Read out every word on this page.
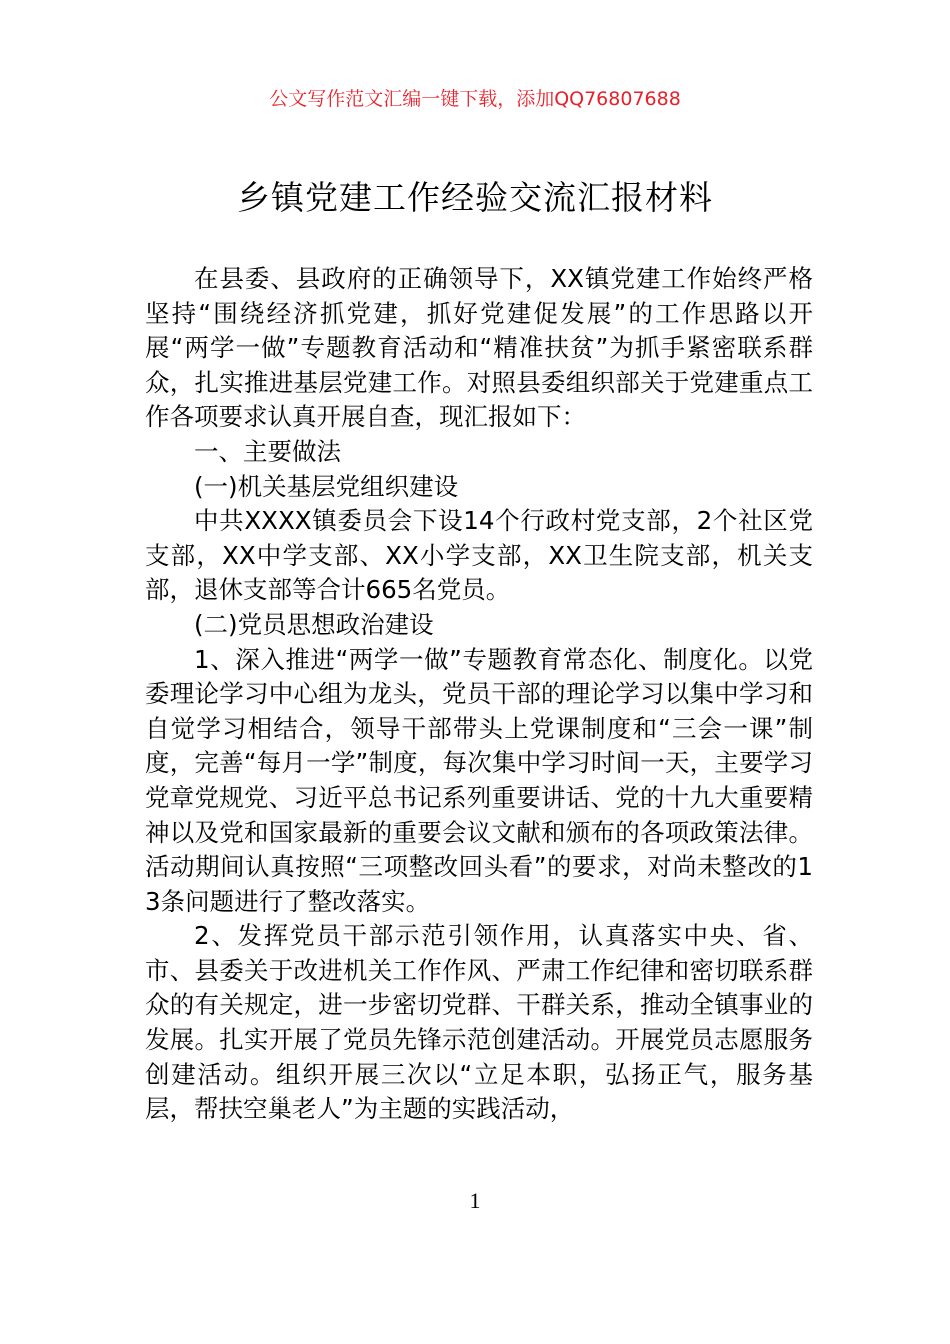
公文写作范文汇编一键下载，添加QQ76807688
乡镇党建工作经验交流汇报材料

在县委、县政府的正确领导下，XX镇党建工作始终严格坚持“围绕经济抓党建，抓好党建促发展”的工作思路以开展“两学一做”专题教育活动和“精准扶贫”为抓手紧密联系群众，扎实推进基层党建工作。对照县委组织部关于党建重点工作各项要求认真开展自查，现汇报如下：

一、主要做法

(一)机关基层党组织建设

中共XXXX镇委员会下设14个行政村党支部，2个社区党支部，XX中学支部、XX小学支部，XX卫生院支部，机关支部，退休支部等合计665名党员。

(二)党员思想政治建设

1、深入推进“两学一做”专题教育常态化、制度化。以党委理论学习中心组为龙头，党员干部的理论学习以集中学习和自觉学习相结合，领导干部带头上党课制度和“三会一课”制度，完善“每月一学”制度，每次集中学习时间一天，主要学习党章党规党、习近平总书记系列重要讲话、党的十九大重要精神以及党和国家最新的重要会议文献和颁布的各项政策法律。活动期间认真按照“三项整改回头看”的要求，对尚未整改的13条问题进行了整改落实。

2、发挥党员干部示范引领作用，认真落实中央、省、市、县委关于改进机关工作作风、严肃工作纪律和密切联系群众的有关规定，进一步密切党群、干群关系，推动全镇事业的发展。扎实开展了党员先锋示范创建活动。开展党员志愿服务创建活动。组织开展三次以“立足本职，弘扬正气，服务基层，帮扶空巢老人”为主题的实践活动，

1
